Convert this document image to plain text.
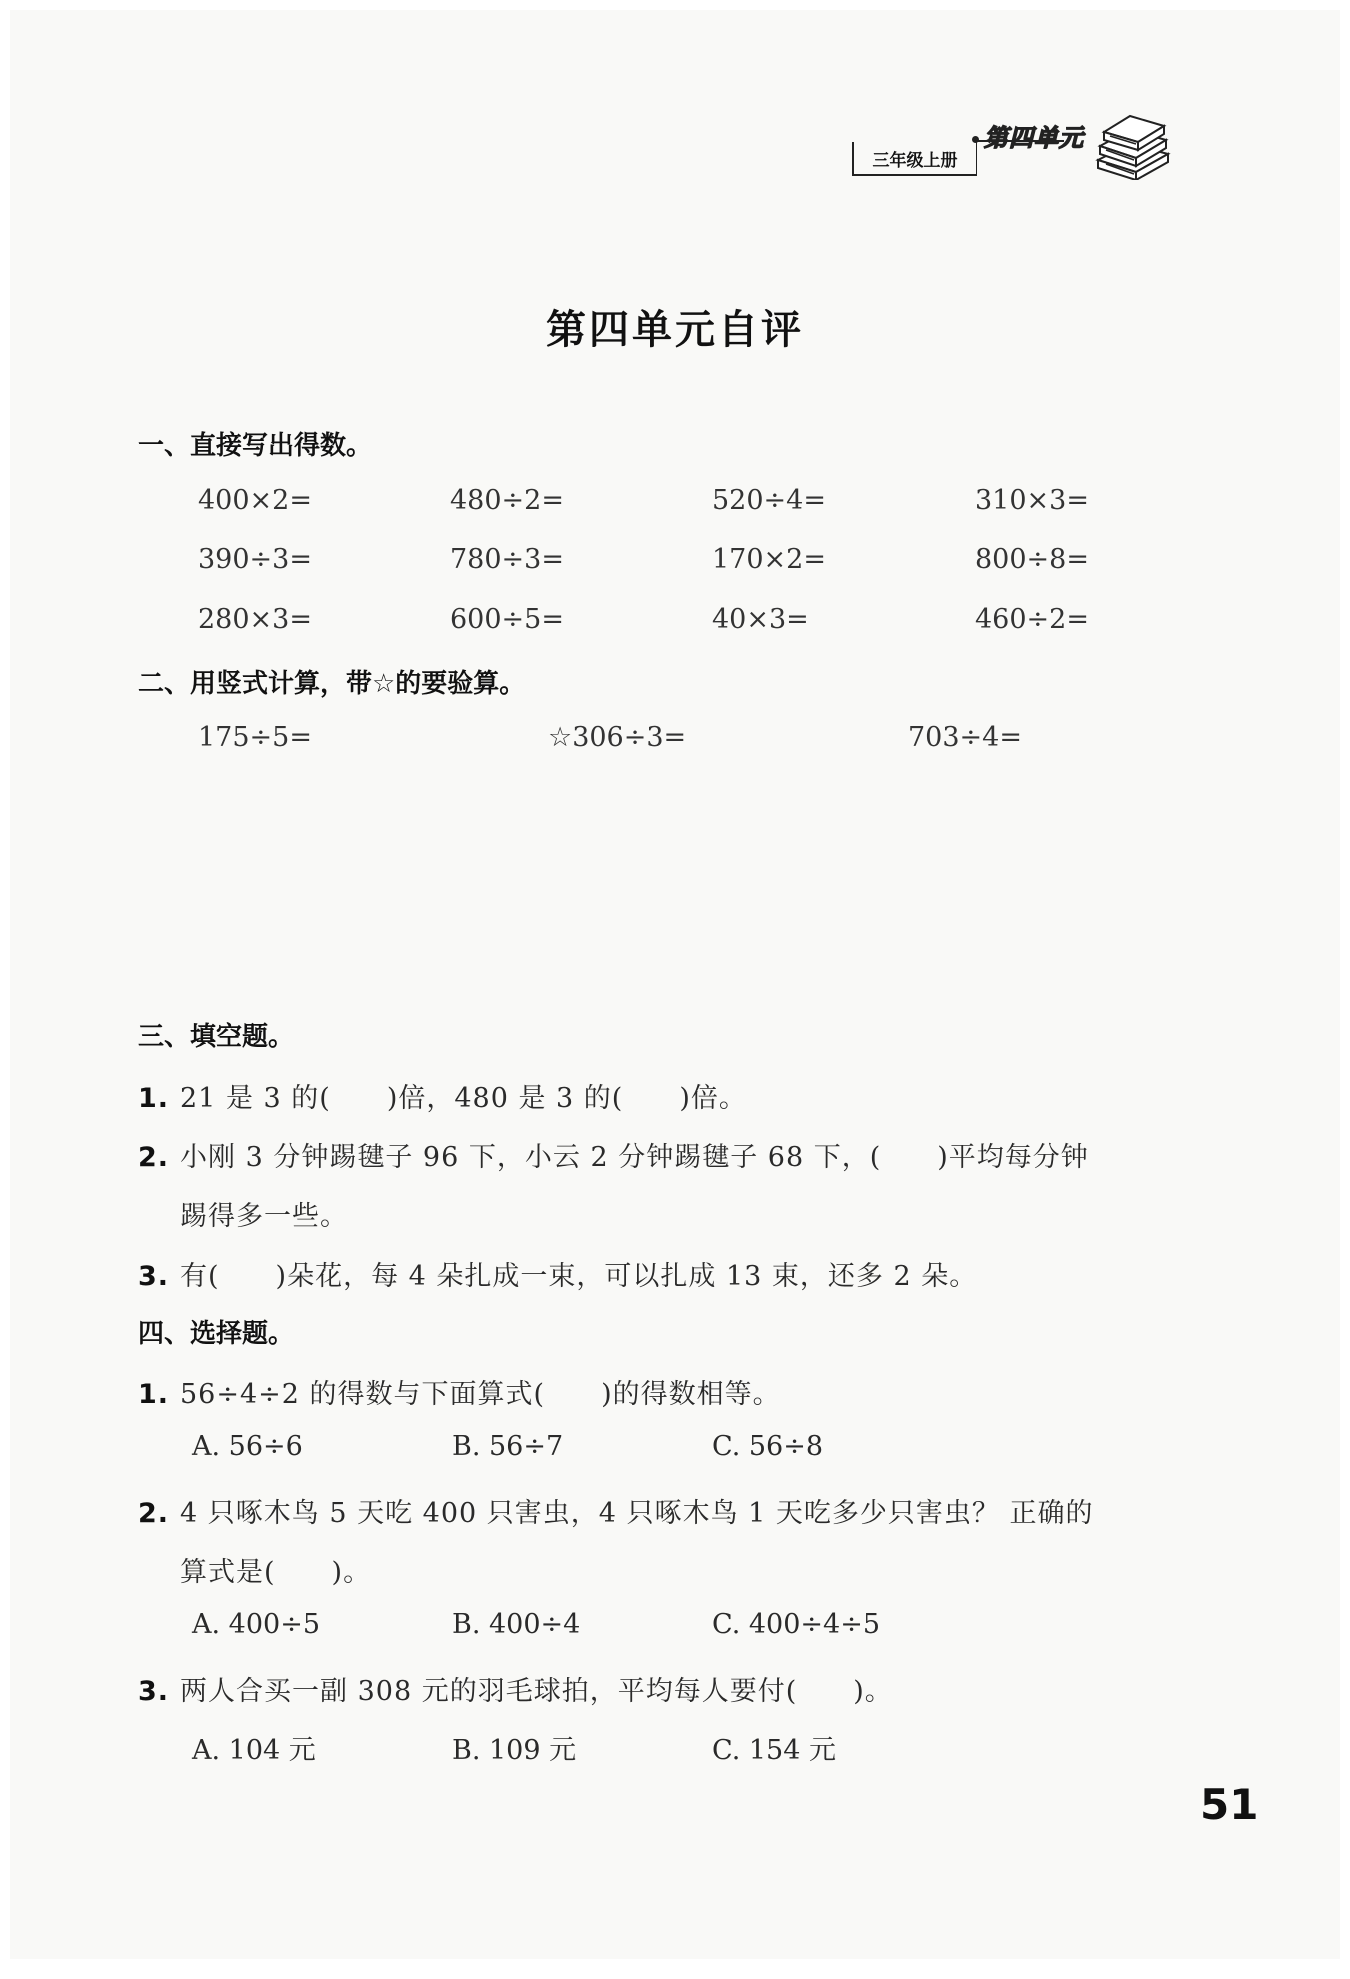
三年级上册
第四单元
第四单元自评
一、直接写出得数。
400×2=	480÷2=	520÷4=	310×3=
390÷3=	780÷3=	170×2=	800÷8=
280×3=	600÷5=	40×3=	460÷2=
二、用竖式计算，带☆的要验算。
175÷5=	☆306÷3=	703÷4=
三、填空题。
1. 21 是 3 的(　　)倍，480 是 3 的(　　)倍。
2. 小刚 3 分钟踢毽子 96 下，小云 2 分钟踢毽子 68 下，(　　)平均每分钟
踢得多一些。
3. 有(　　)朵花，每 4 朵扎成一束，可以扎成 13 束，还多 2 朵。
四、选择题。
1. 56÷4÷2 的得数与下面算式(　　)的得数相等。
A. 56÷6	B. 56÷7	C. 56÷8
2. 4 只啄木鸟 5 天吃 400 只害虫，4 只啄木鸟 1 天吃多少只害虫？ 正确的
算式是(　　)。
A. 400÷5	B. 400÷4	C. 400÷4÷5
3. 两人合买一副 308 元的羽毛球拍，平均每人要付(　　)。
A. 104 元	B. 109 元	C. 154 元
51
